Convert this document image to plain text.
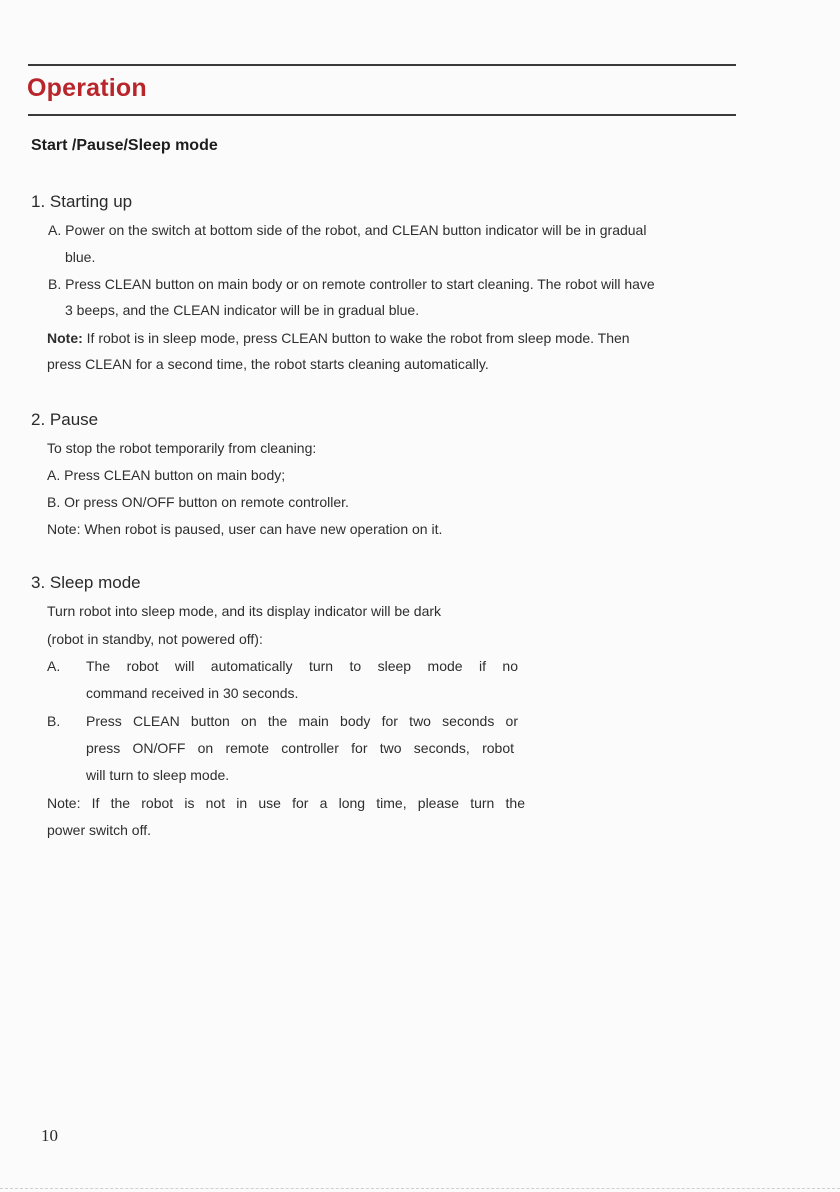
Operation
Start /Pause/Sleep mode
1. Starting up
A. Power on the switch at bottom side of the robot, and CLEAN button indicator will be in gradual
blue.
B. Press CLEAN button on main body or on remote controller to start cleaning. The robot will have
3 beeps, and the CLEAN indicator will be in gradual blue.
Note: If robot is in sleep mode, press CLEAN button to wake the robot from sleep mode. Then
press CLEAN for a second time, the robot starts cleaning automatically.
2. Pause
To stop the robot temporarily from cleaning:
A. Press CLEAN button on main body;
B. Or press ON/OFF button on remote controller.
Note: When robot is paused, user can have new operation on it.
3. Sleep mode
Turn robot into sleep mode, and its display indicator will be dark
(robot in standby, not powered off):
A. The robot will automatically turn to sleep mode if no
command received in 30 seconds.
B. Press CLEAN button on the main body for two seconds or
press ON/OFF on remote controller for two seconds, robot
will turn to sleep mode.
Note: If the robot is not in use for a long time, please turn the
power switch off.
10
